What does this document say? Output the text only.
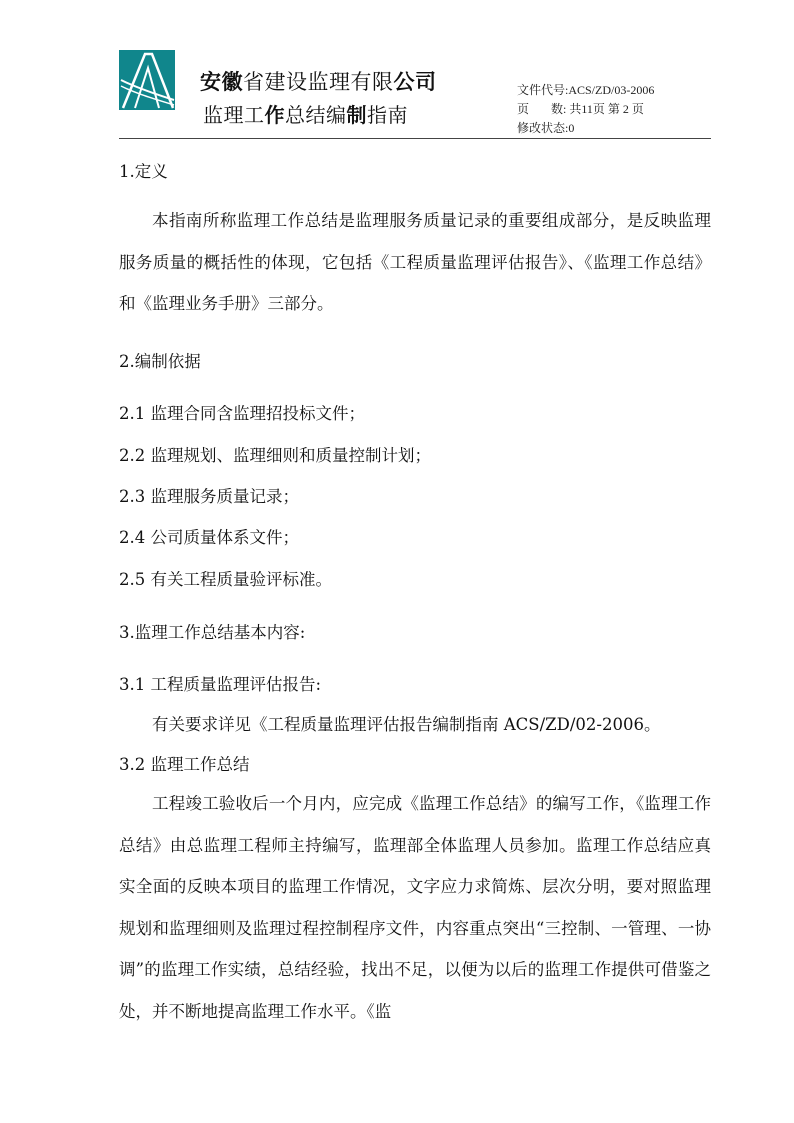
安徽省建设监理有限公司
监理工作总结编制指南
文件代号:ACS/ZD/03-2006
页 数: 共11页 第 2 页
修改状态:0
1.定义
本指南所称监理工作总结是监理服务质量记录的重要组成部分，是反映监理服务质量的概括性的体现，它包括《工程质量监理评估报告》、《监理工作总结》和《监理业务手册》三部分。
2.编制依据
2.1 监理合同含监理招投标文件；
2.2 监理规划、监理细则和质量控制计划；
2.3 监理服务质量记录；
2.4 公司质量体系文件；
2.5 有关工程质量验评标准。
3.监理工作总结基本内容:
3.1 工程质量监理评估报告:
有关要求详见《工程质量监理评估报告编制指南 ACS/ZD/02-2006。
3.2 监理工作总结
工程竣工验收后一个月内，应完成《监理工作总结》的编写工作，《监理工作总结》由总监理工程师主持编写，监理部全体监理人员参加。监理工作总结应真实全面的反映本项目的监理工作情况，文字应力求简炼、层次分明，要对照监理规划和监理细则及监理过程控制程序文件，内容重点突出“三控制、一管理、一协调”的监理工作实绩，总结经验，找出不足，以便为以后的监理工作提供可借鉴之处，并不断地提高监理工作水平。《监
